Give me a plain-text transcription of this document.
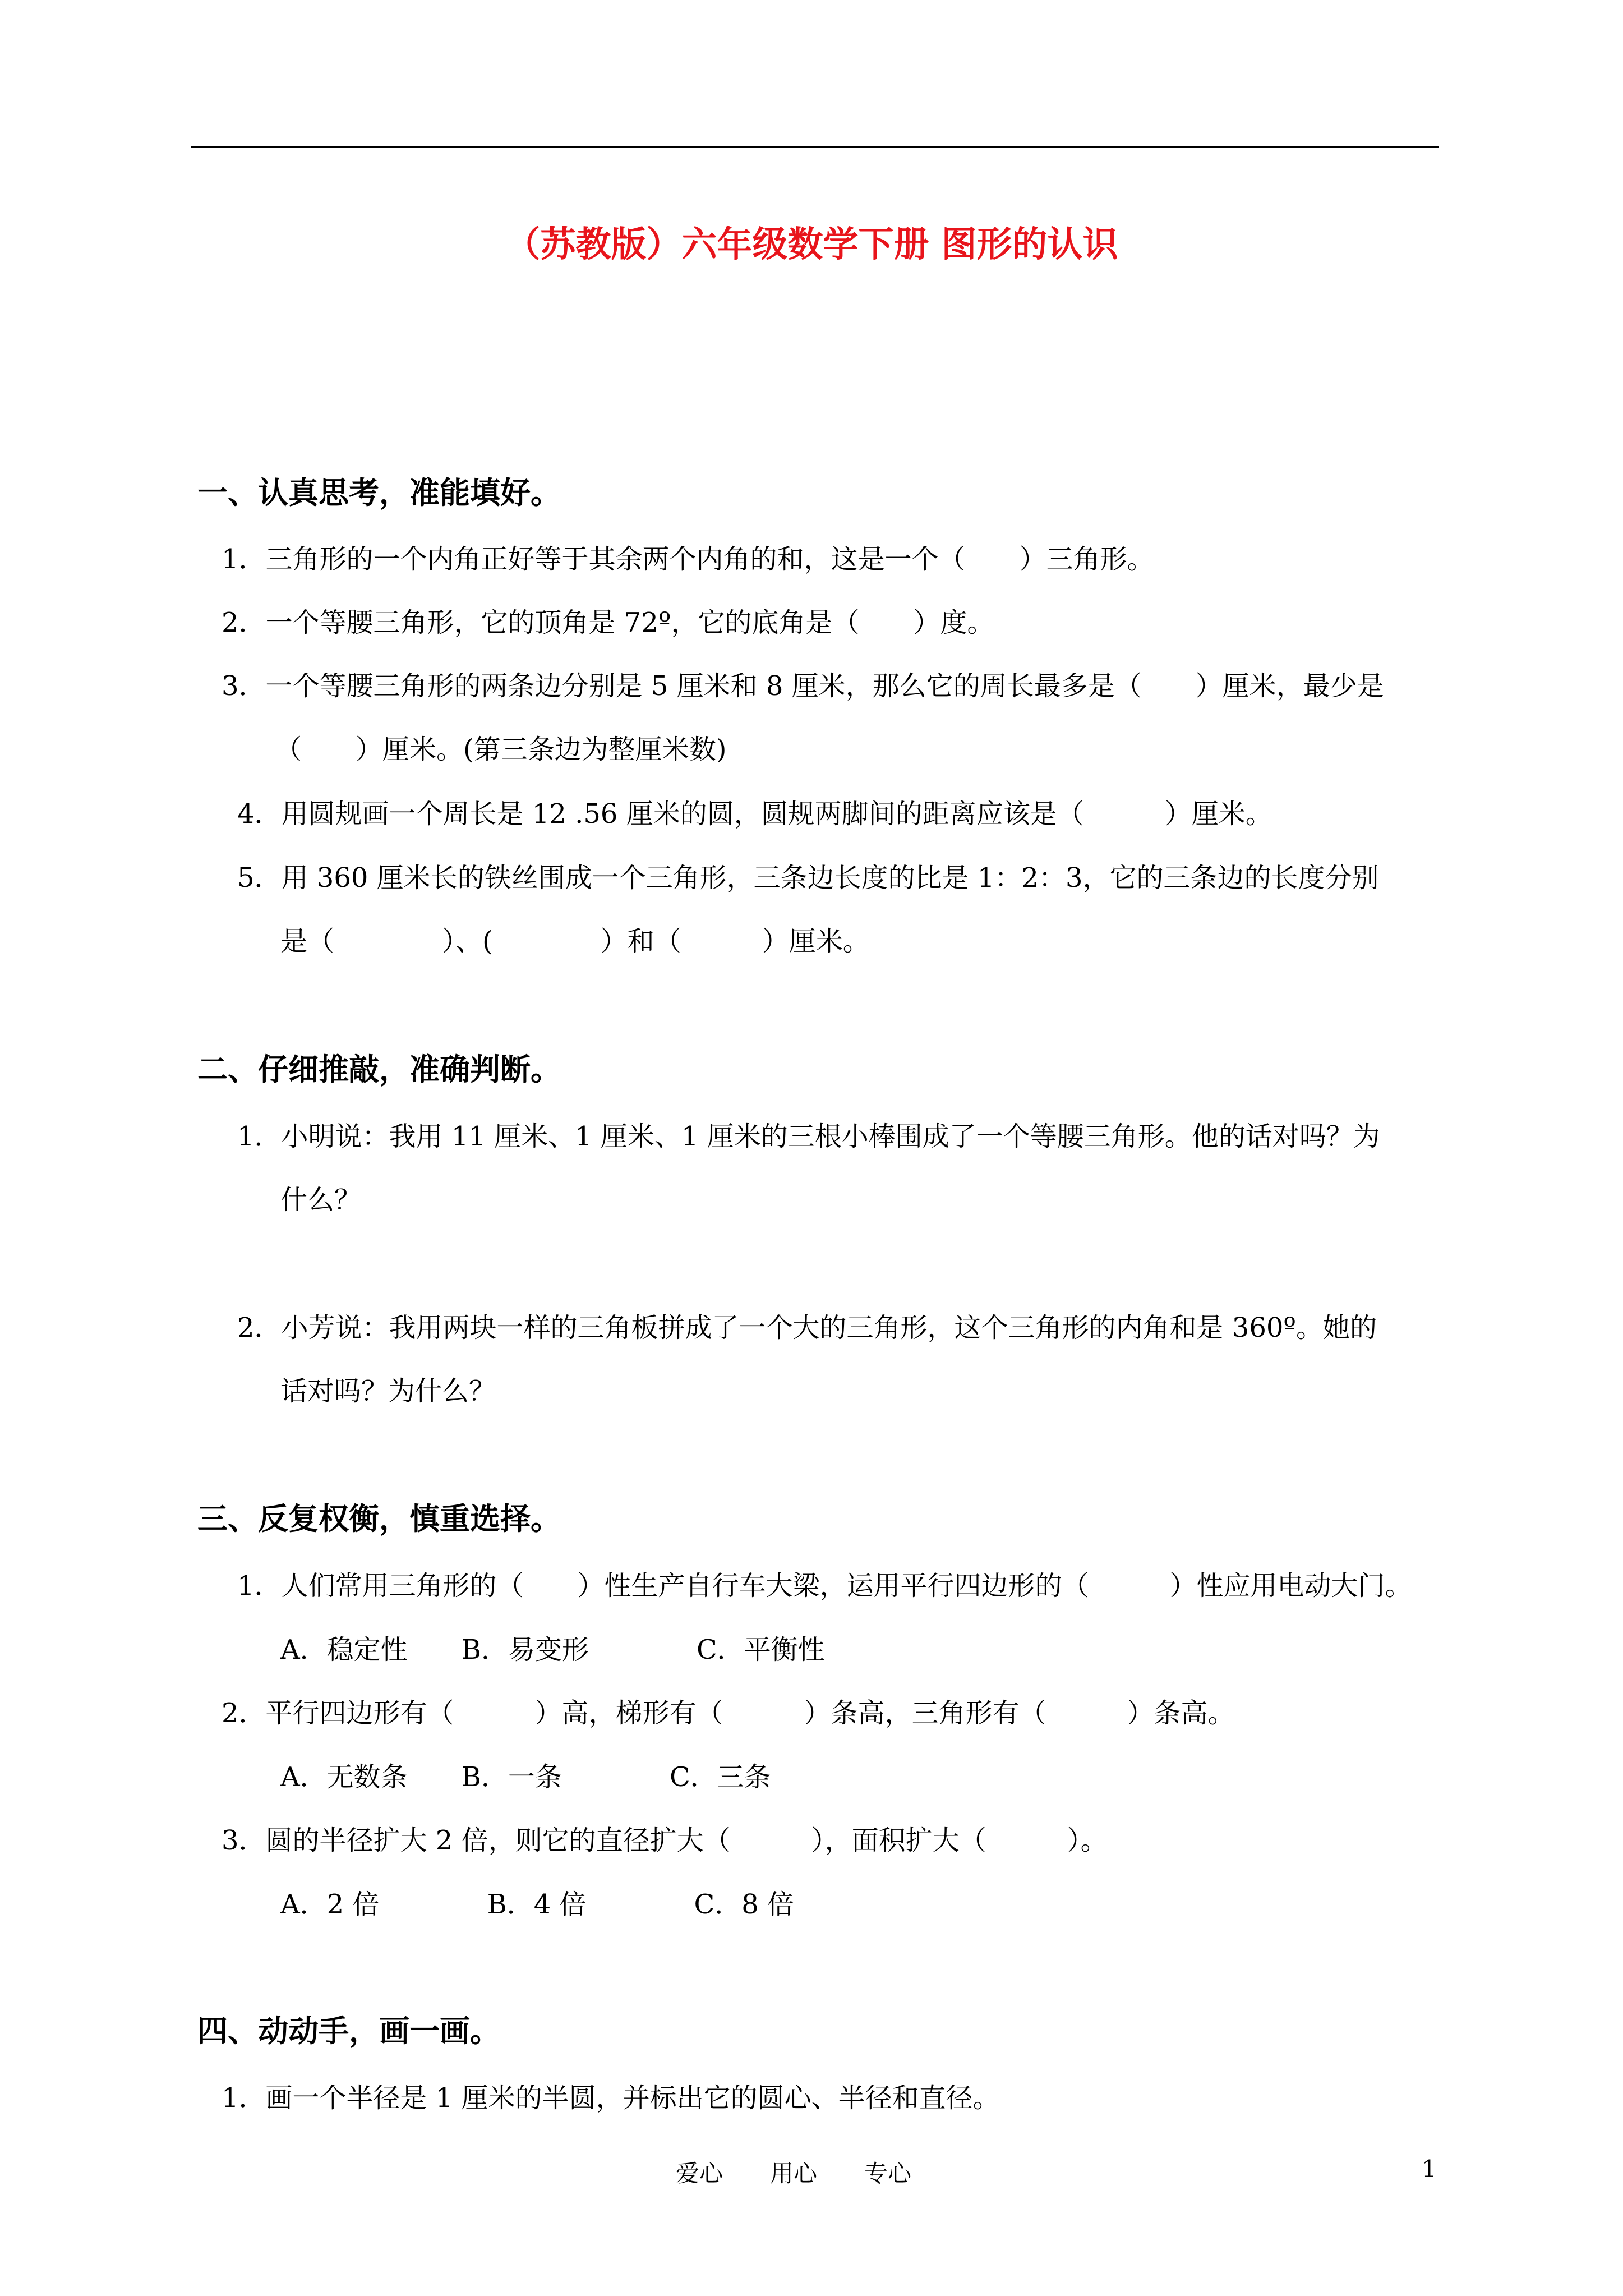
（苏教版）六年级数学下册 图形的认识
一、认真思考，准能填好。
1．三角形的一个内角正好等于其余两个内角的和，这是一个（　　）三角形。
2．一个等腰三角形，它的顶角是 72º，它的底角是（　　）度。
3．一个等腰三角形的两条边分别是 5 厘米和 8 厘米，那么它的周长最多是（　　）厘米，最少是
（　　）厘米。(第三条边为整厘米数)
4．用圆规画一个周长是 12 .56 厘米的圆，圆规两脚间的距离应该是（　　　）厘米。
5．用 360 厘米长的铁丝围成一个三角形，三条边长度的比是 1：2：3，它的三条边的长度分别
是（　　　　）、(　　　　）和（　　　）厘米。
二、仔细推敲，准确判断。
1．小明说：我用 11 厘米、1 厘米、1 厘米的三根小棒围成了一个等腰三角形。他的话对吗？为
什么？
2．小芳说：我用两块一样的三角板拼成了一个大的三角形，这个三角形的内角和是 360º。她的
话对吗？为什么？
三、反复权衡，慎重选择。
1．人们常用三角形的（　　）性生产自行车大梁，运用平行四边形的（　　　）性应用电动大门。
A．稳定性　　B．易变形　　　　C．平衡性
2．平行四边形有（　　　）高，梯形有（　　　）条高，三角形有（　　　）条高。
A．无数条　　B．一条　　　　C．三条
3．圆的半径扩大 2 倍，则它的直径扩大（　　　），面积扩大（　　　）。
A．2 倍　　　　B．4 倍　　　　C．8 倍
四、动动手，画一画。
1．画一个半径是 1 厘米的半圆，并标出它的圆心、半径和直径。
爱心　　用心　　专心	1
